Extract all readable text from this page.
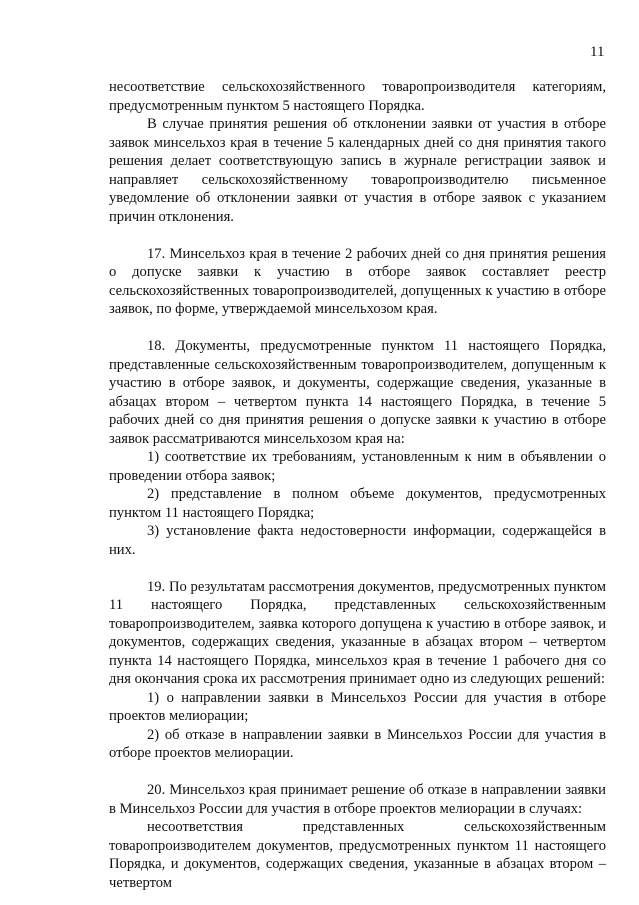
11

несоответствие сельскохозяйственного товаропроизводителя категориям, предусмотренным пунктом 5 настоящего Порядка.

В случае принятия решения об отклонении заявки от участия в отборе заявок минсельхоз края в течение 5 календарных дней со дня принятия такого решения делает соответствующую запись в журнале регистрации заявок и направляет сельскохозяйственному товаропроизводителю письменное уведомление об отклонении заявки от участия в отборе заявок с указанием причин отклонения.

17. Минсельхоз края в течение 2 рабочих дней со дня принятия решения о допуске заявки к участию в отборе заявок составляет реестр сельскохозяйственных товаропроизводителей, допущенных к участию в отборе заявок, по форме, утверждаемой минсельхозом края.

18. Документы, предусмотренные пунктом 11 настоящего Порядка, представленные сельскохозяйственным товаропроизводителем, допущенным к участию в отборе заявок, и документы, содержащие сведения, указанные в абзацах втором – четвертом пункта 14 настоящего Порядка, в течение 5 рабочих дней со дня принятия решения о допуске заявки к участию в отборе заявок рассматриваются минсельхозом края на:

1) соответствие их требованиям, установленным к ним в объявлении о проведении отбора заявок;

2) представление в полном объеме документов, предусмотренных пунктом 11 настоящего Порядка;

3) установление факта недостоверности информации, содержащейся в них.

19. По результатам рассмотрения документов, предусмотренных пунктом 11 настоящего Порядка, представленных сельскохозяйственным товаропроизводителем, заявка которого допущена к участию в отборе заявок, и документов, содержащих сведения, указанные в абзацах втором – четвертом пункта 14 настоящего Порядка, минсельхоз края в течение 1 рабочего дня со дня окончания срока их рассмотрения принимает одно из следующих решений:

1) о направлении заявки в Минсельхоз России для участия в отборе проектов мелиорации;

2) об отказе в направлении заявки в Минсельхоз России для участия в отборе проектов мелиорации.

20. Минсельхоз края принимает решение об отказе в направлении заявки в Минсельхоз России для участия в отборе проектов мелиорации в случаях:

несоответствия представленных сельскохозяйственным товаропроизводителем документов, предусмотренных пунктом 11 настоящего Порядка, и документов, содержащих сведения, указанные в абзацах втором – четвертом
